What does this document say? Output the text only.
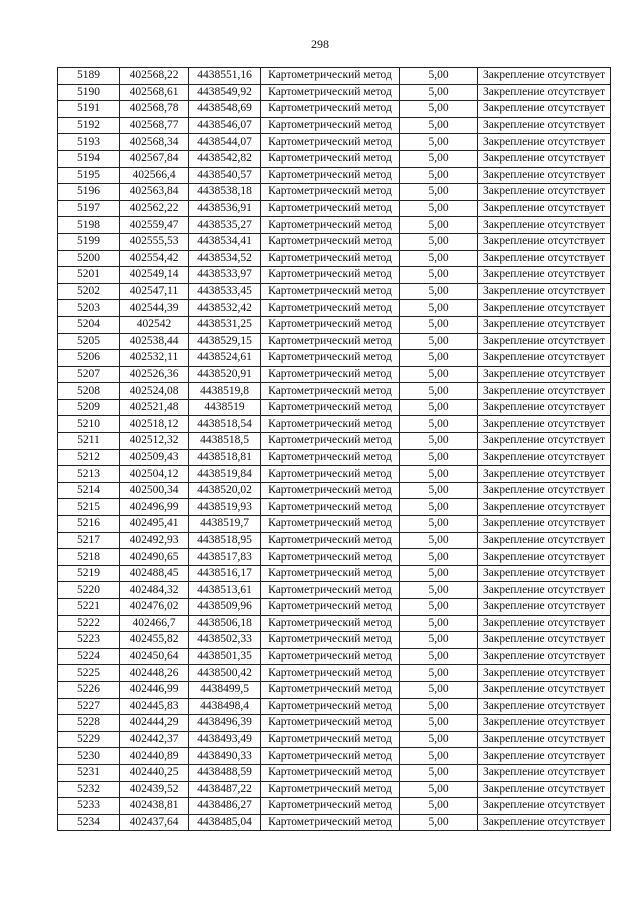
298
5189	402568,22	4438551,16	Картометрический метод	5,00	Закрепление отсутствует
5190	402568,61	4438549,92	Картометрический метод	5,00	Закрепление отсутствует
5191	402568,78	4438548,69	Картометрический метод	5,00	Закрепление отсутствует
5192	402568,77	4438546,07	Картометрический метод	5,00	Закрепление отсутствует
5193	402568,34	4438544,07	Картометрический метод	5,00	Закрепление отсутствует
5194	402567,84	4438542,82	Картометрический метод	5,00	Закрепление отсутствует
5195	402566,4	4438540,57	Картометрический метод	5,00	Закрепление отсутствует
5196	402563,84	4438538,18	Картометрический метод	5,00	Закрепление отсутствует
5197	402562,22	4438536,91	Картометрический метод	5,00	Закрепление отсутствует
5198	402559,47	4438535,27	Картометрический метод	5,00	Закрепление отсутствует
5199	402555,53	4438534,41	Картометрический метод	5,00	Закрепление отсутствует
5200	402554,42	4438534,52	Картометрический метод	5,00	Закрепление отсутствует
5201	402549,14	4438533,97	Картометрический метод	5,00	Закрепление отсутствует
5202	402547,11	4438533,45	Картометрический метод	5,00	Закрепление отсутствует
5203	402544,39	4438532,42	Картометрический метод	5,00	Закрепление отсутствует
5204	402542	4438531,25	Картометрический метод	5,00	Закрепление отсутствует
5205	402538,44	4438529,15	Картометрический метод	5,00	Закрепление отсутствует
5206	402532,11	4438524,61	Картометрический метод	5,00	Закрепление отсутствует
5207	402526,36	4438520,91	Картометрический метод	5,00	Закрепление отсутствует
5208	402524,08	4438519,8	Картометрический метод	5,00	Закрепление отсутствует
5209	402521,48	4438519	Картометрический метод	5,00	Закрепление отсутствует
5210	402518,12	4438518,54	Картометрический метод	5,00	Закрепление отсутствует
5211	402512,32	4438518,5	Картометрический метод	5,00	Закрепление отсутствует
5212	402509,43	4438518,81	Картометрический метод	5,00	Закрепление отсутствует
5213	402504,12	4438519,84	Картометрический метод	5,00	Закрепление отсутствует
5214	402500,34	4438520,02	Картометрический метод	5,00	Закрепление отсутствует
5215	402496,99	4438519,93	Картометрический метод	5,00	Закрепление отсутствует
5216	402495,41	4438519,7	Картометрический метод	5,00	Закрепление отсутствует
5217	402492,93	4438518,95	Картометрический метод	5,00	Закрепление отсутствует
5218	402490,65	4438517,83	Картометрический метод	5,00	Закрепление отсутствует
5219	402488,45	4438516,17	Картометрический метод	5,00	Закрепление отсутствует
5220	402484,32	4438513,61	Картометрический метод	5,00	Закрепление отсутствует
5221	402476,02	4438509,96	Картометрический метод	5,00	Закрепление отсутствует
5222	402466,7	4438506,18	Картометрический метод	5,00	Закрепление отсутствует
5223	402455,82	4438502,33	Картометрический метод	5,00	Закрепление отсутствует
5224	402450,64	4438501,35	Картометрический метод	5,00	Закрепление отсутствует
5225	402448,26	4438500,42	Картометрический метод	5,00	Закрепление отсутствует
5226	402446,99	4438499,5	Картометрический метод	5,00	Закрепление отсутствует
5227	402445,83	4438498,4	Картометрический метод	5,00	Закрепление отсутствует
5228	402444,29	4438496,39	Картометрический метод	5,00	Закрепление отсутствует
5229	402442,37	4438493,49	Картометрический метод	5,00	Закрепление отсутствует
5230	402440,89	4438490,33	Картометрический метод	5,00	Закрепление отсутствует
5231	402440,25	4438488,59	Картометрический метод	5,00	Закрепление отсутствует
5232	402439,52	4438487,22	Картометрический метод	5,00	Закрепление отсутствует
5233	402438,81	4438486,27	Картометрический метод	5,00	Закрепление отсутствует
5234	402437,64	4438485,04	Картометрический метод	5,00	Закрепление отсутствует
